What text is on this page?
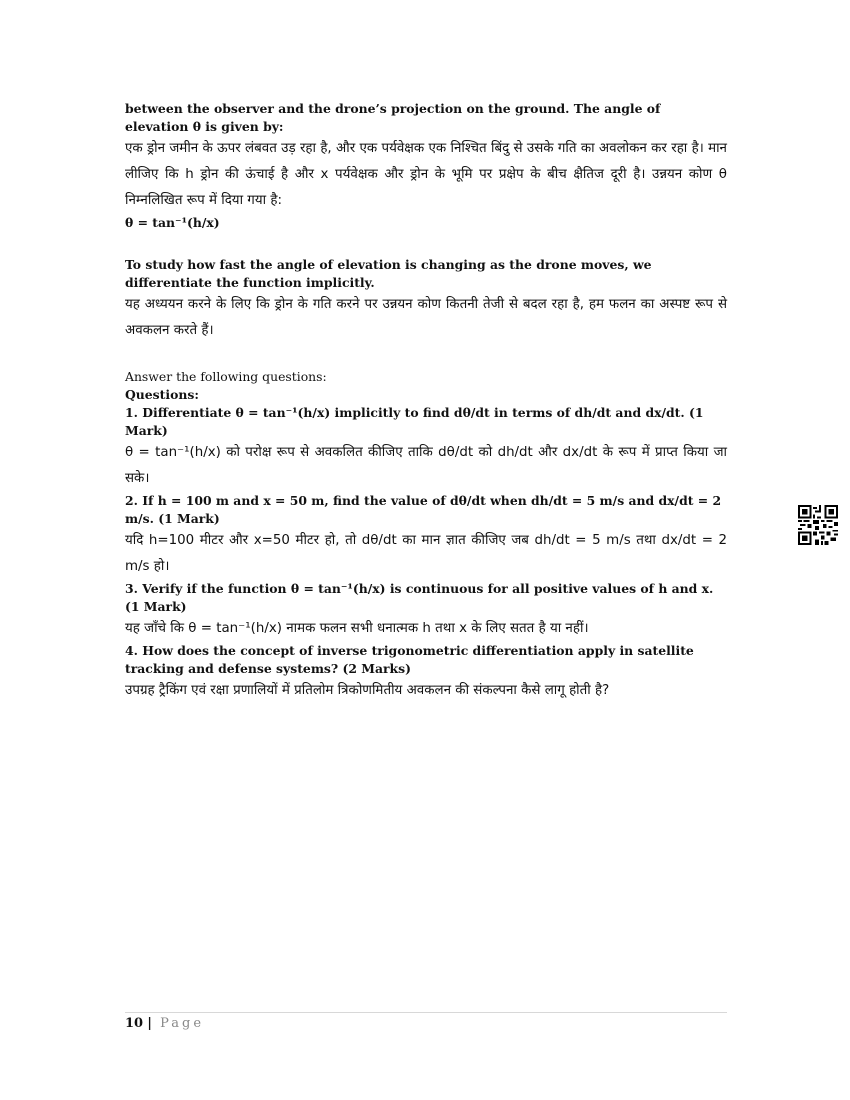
between the observer and the drone’s projection on the ground. The angle of elevation θ is given by:

एक ड्रोन जमीन के ऊपर लंबवत उड़ रहा है, और एक पर्यवेक्षक एक निश्चित बिंदु से उसके गति का अवलोकन कर रहा है। मान लीजिए कि h ड्रोन की ऊंचाई है और x पर्यवेक्षक और ड्रोन के भूमि पर प्रक्षेप के बीच क्षैतिज दूरी है। उन्नयन कोण θ निम्नलिखित रूप में दिया गया है:

θ = tan⁻¹(h/x)

To study how fast the angle of elevation is changing as the drone moves, we differentiate the function implicitly.

यह अध्ययन करने के लिए कि ड्रोन के गति करने पर उन्नयन कोण कितनी तेजी से बदल रहा है, हम फलन का अस्पष्ट रूप से अवकलन करते हैं।

Answer the following questions:

Questions:

1. Differentiate θ = tan⁻¹(h/x) implicitly to find dθ/dt in terms of dh/dt and dx/dt. (1 Mark)

θ = tan⁻¹(h/x) को परोक्ष रूप से अवकलित कीजिए ताकि dθ/dt को dh/dt और dx/dt के रूप में प्राप्त किया जा सके।

2. If h = 100 m and x = 50 m, find the value of dθ/dt when dh/dt = 5 m/s and dx/dt = 2 m/s. (1 Mark)

यदि h=100 मीटर और x=50 मीटर हो, तो dθ/dt का मान ज्ञात कीजिए जब dh/dt = 5 m/s तथा dx/dt = 2 m/s हो।

3. Verify if the function θ = tan⁻¹(h/x) is continuous for all positive values of h and x. (1 Mark)

यह जाँचे कि θ = tan⁻¹(h/x) नामक फलन सभी धनात्मक h तथा x के लिए सतत है या नहीं।

4. How does the concept of inverse trigonometric differentiation apply in satellite tracking and defense systems? (2 Marks)

उपग्रह ट्रैकिंग एवं रक्षा प्रणालियों में प्रतिलोम त्रिकोणमितीय अवकलन की संकल्पना कैसे लागू होती है?

10 | Page
